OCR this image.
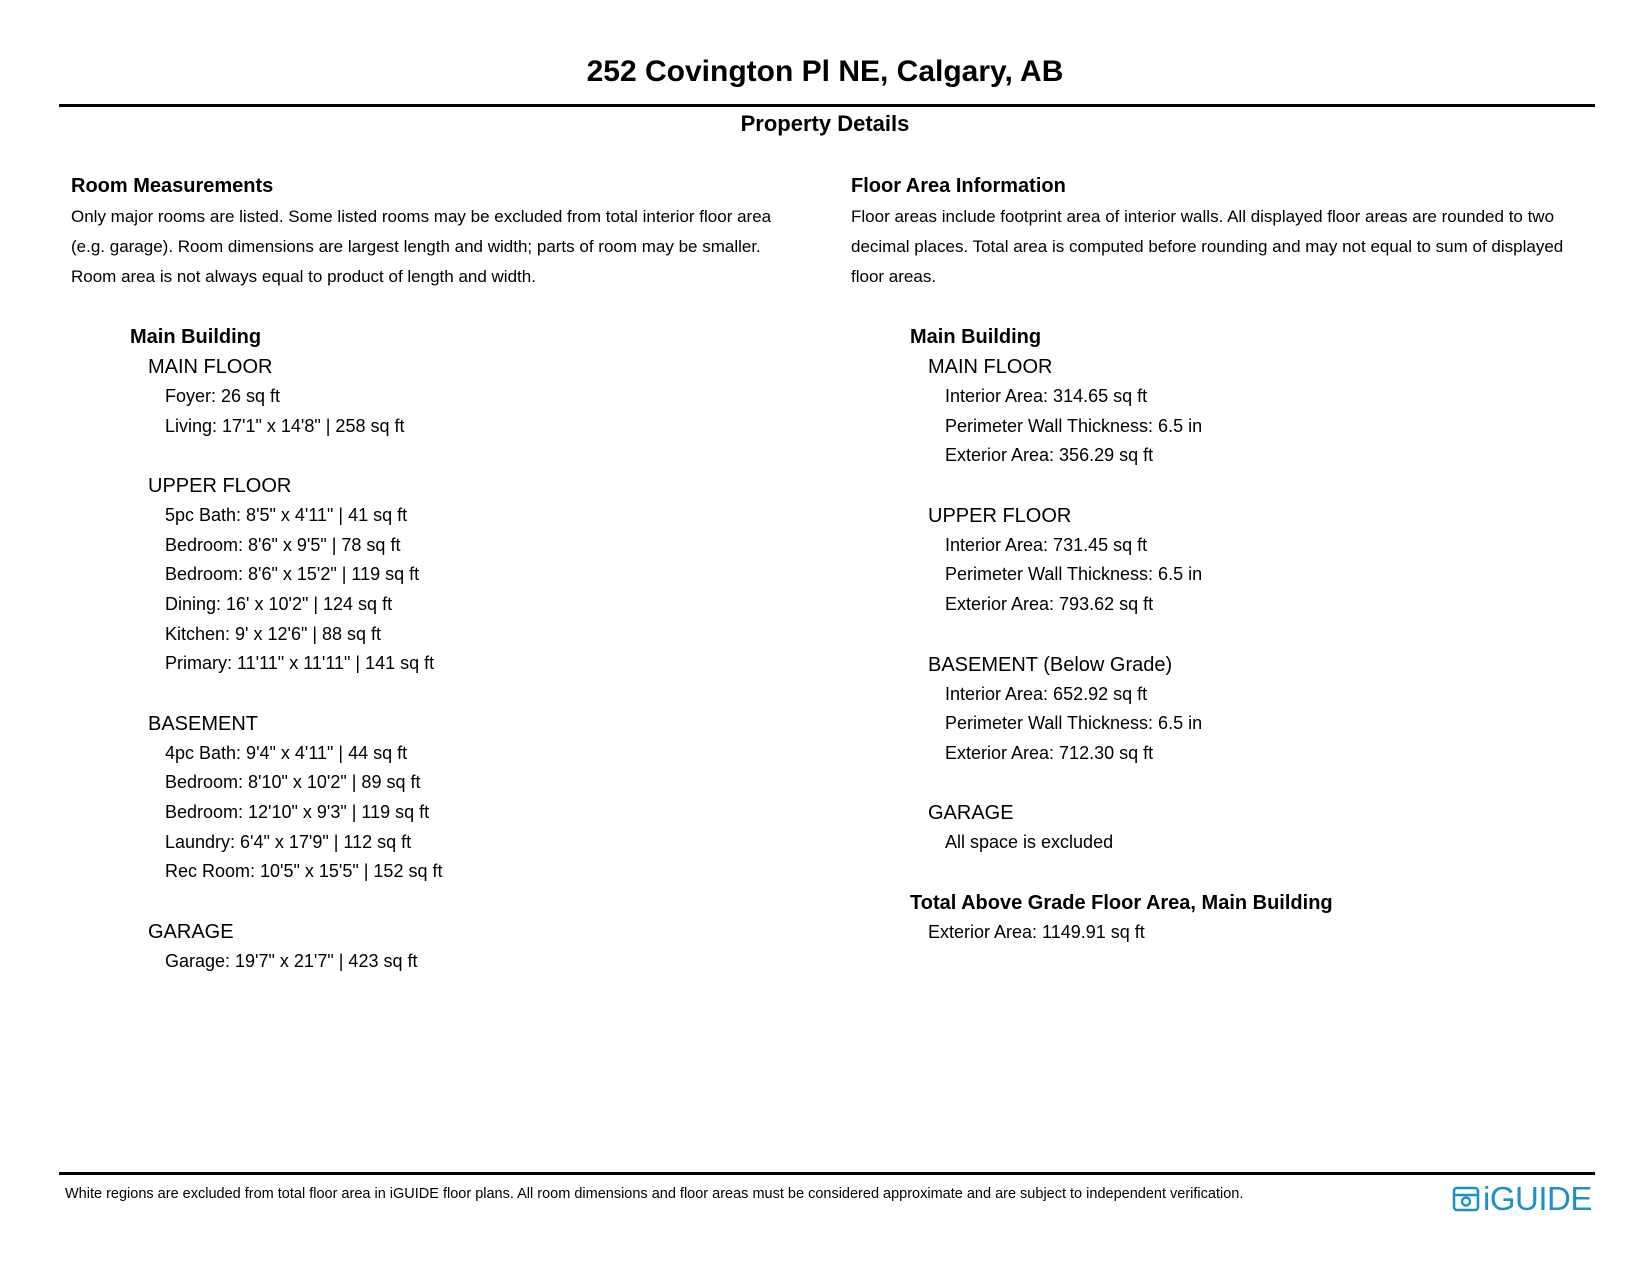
252 Covington Pl NE, Calgary, AB
Property Details
Room Measurements
Only major rooms are listed. Some listed rooms may be excluded from total interior floor area
(e.g. garage). Room dimensions are largest length and width; parts of room may be smaller.
Room area is not always equal to product of length and width.
Main Building
MAIN FLOOR
Foyer: 26 sq ft
Living: 17'1" x 14'8" | 258 sq ft
UPPER FLOOR
5pc Bath: 8'5" x 4'11" | 41 sq ft
Bedroom: 8'6" x 9'5" | 78 sq ft
Bedroom: 8'6" x 15'2" | 119 sq ft
Dining: 16' x 10'2" | 124 sq ft
Kitchen: 9' x 12'6" | 88 sq ft
Primary: 11'11" x 11'11" | 141 sq ft
BASEMENT
4pc Bath: 9'4" x 4'11" | 44 sq ft
Bedroom: 8'10" x 10'2" | 89 sq ft
Bedroom: 12'10" x 9'3" | 119 sq ft
Laundry: 6'4" x 17'9" | 112 sq ft
Rec Room: 10'5" x 15'5" | 152 sq ft
GARAGE
Garage: 19'7" x 21'7" | 423 sq ft
Floor Area Information
Floor areas include footprint area of interior walls. All displayed floor areas are rounded to two
decimal places. Total area is computed before rounding and may not equal to sum of displayed
floor areas.
Main Building
MAIN FLOOR
Interior Area: 314.65 sq ft
Perimeter Wall Thickness: 6.5 in
Exterior Area: 356.29 sq ft
UPPER FLOOR
Interior Area: 731.45 sq ft
Perimeter Wall Thickness: 6.5 in
Exterior Area: 793.62 sq ft
BASEMENT (Below Grade)
Interior Area: 652.92 sq ft
Perimeter Wall Thickness: 6.5 in
Exterior Area: 712.30 sq ft
GARAGE
All space is excluded
Total Above Grade Floor Area, Main Building
Exterior Area: 1149.91 sq ft
White regions are excluded from total floor area in iGUIDE floor plans. All room dimensions and floor areas must be considered approximate and are subject to independent verification.	iGUIDE
